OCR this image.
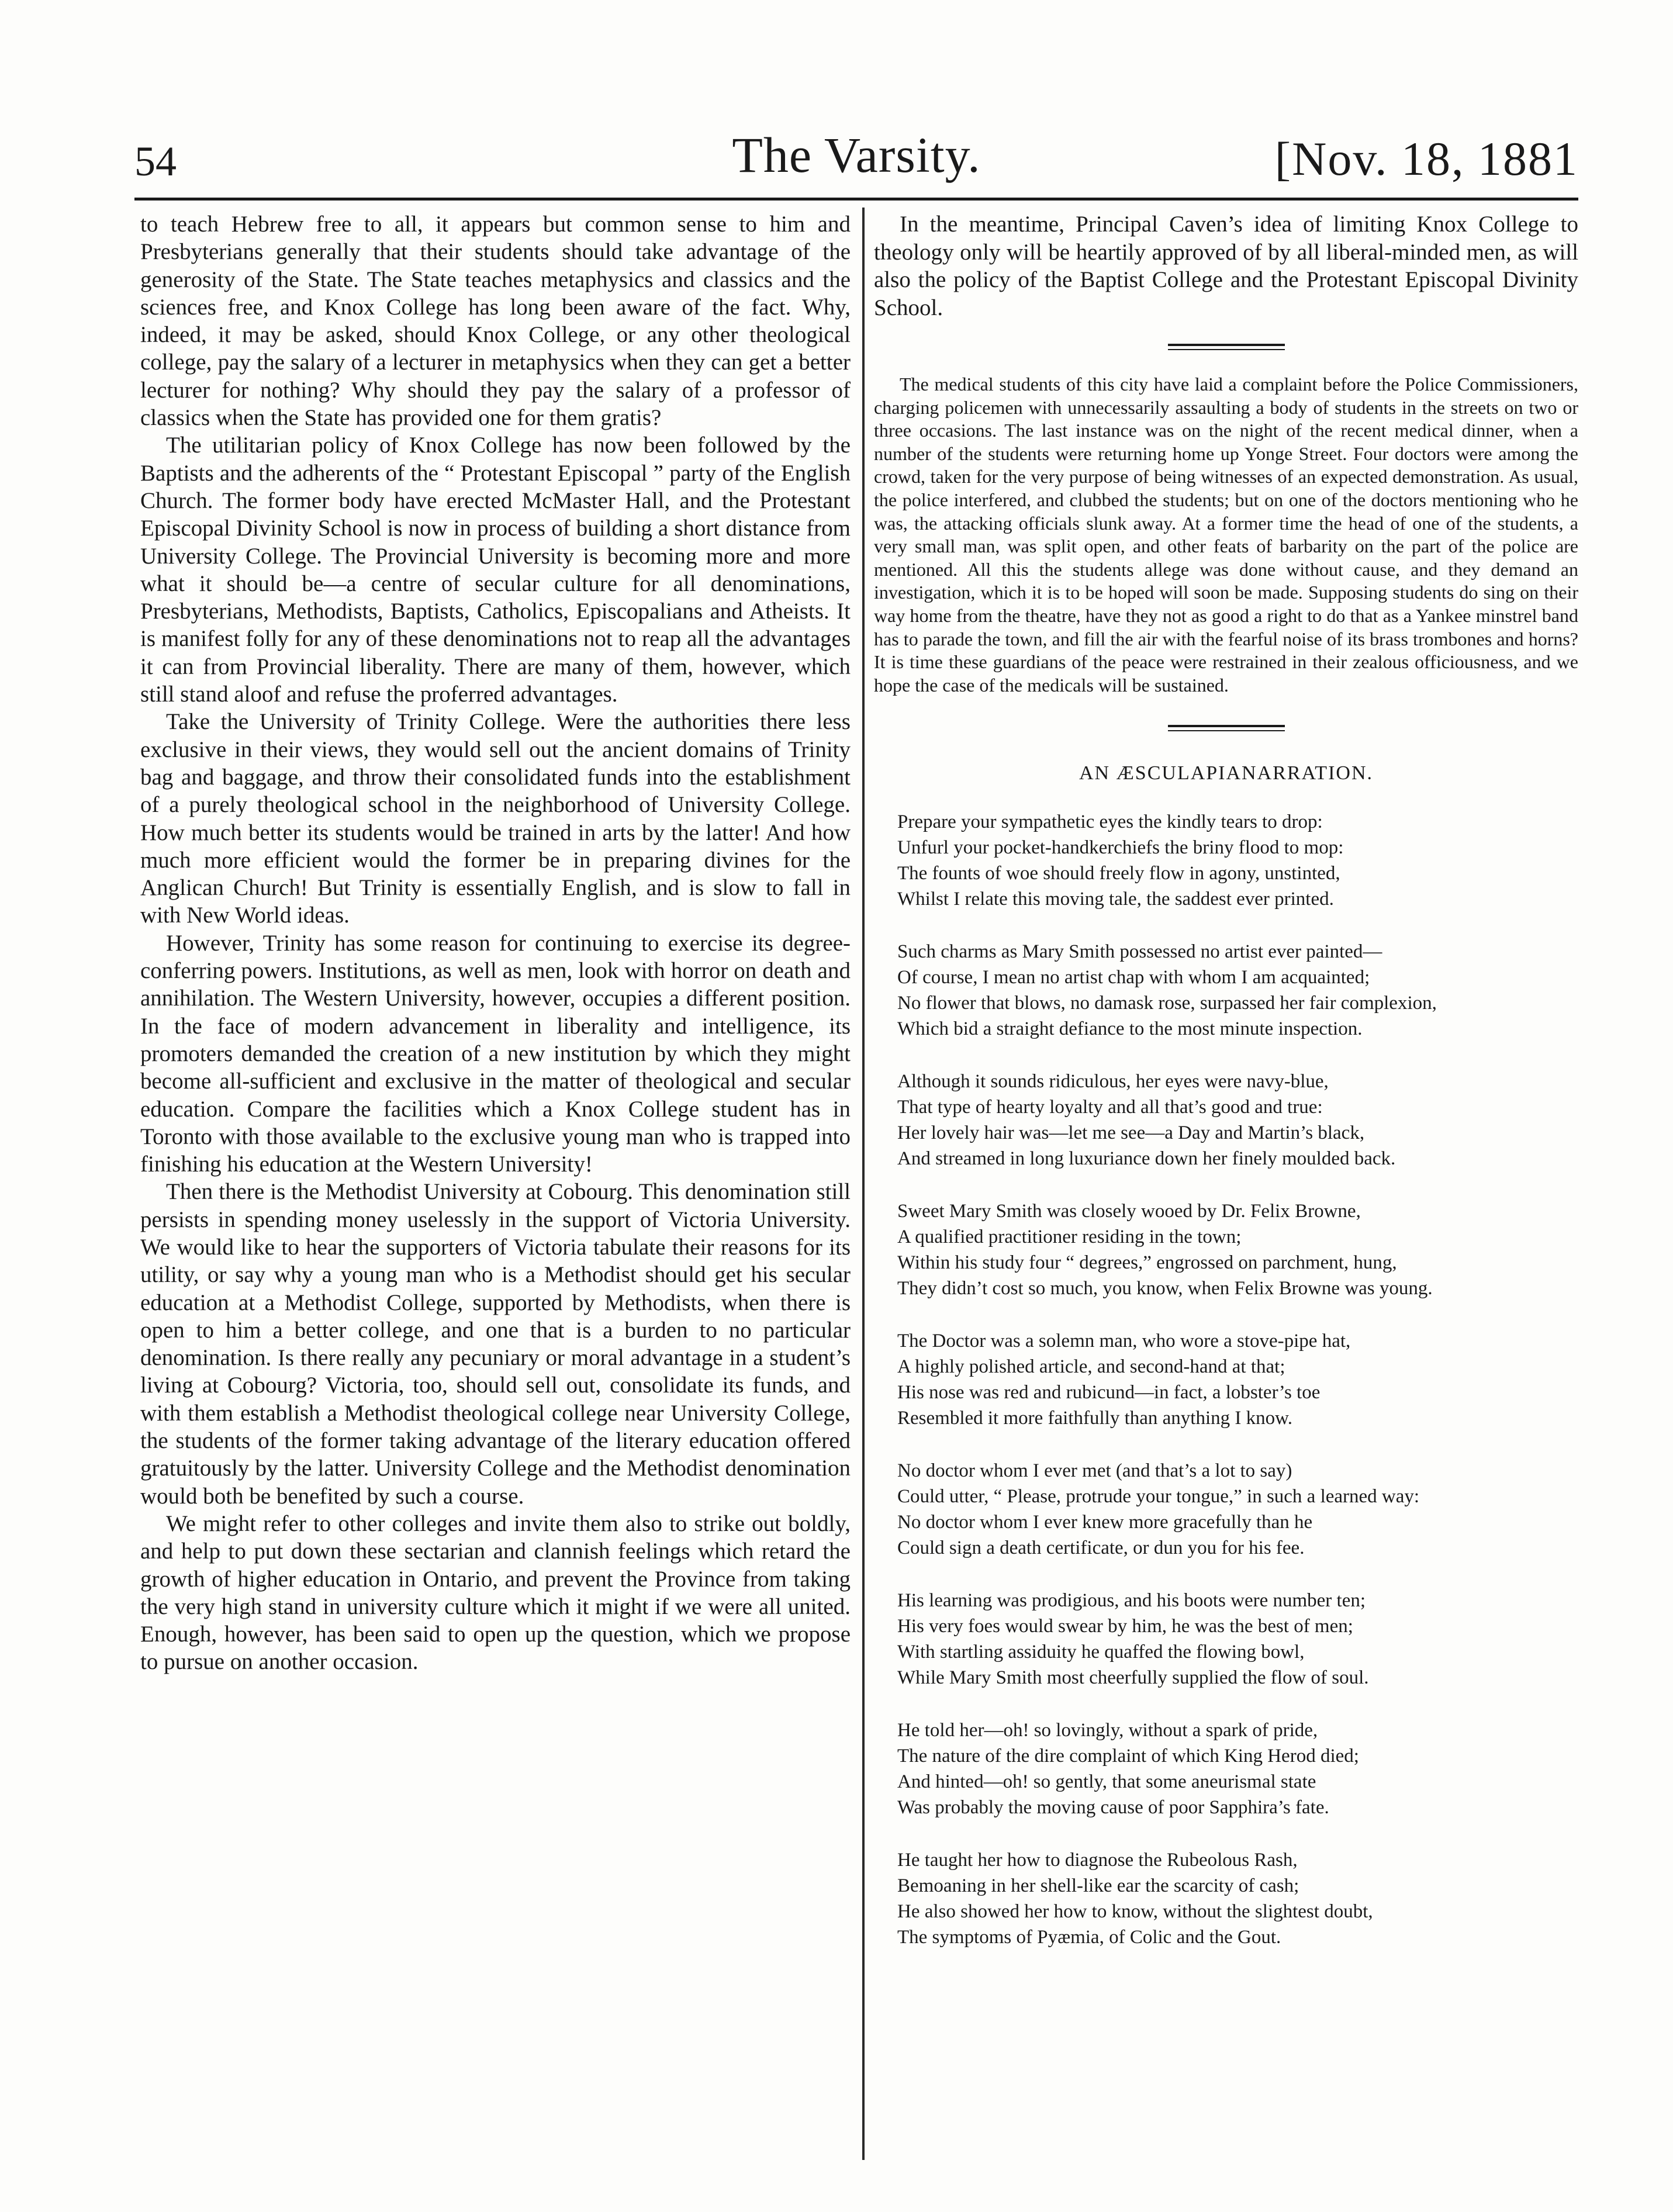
54	The Varsity.	[Nov. 18, 1881

to teach Hebrew free to all, it appears but common sense to him and Presbyterians generally that their students should take advantage of the generosity of the State. The State teaches metaphysics and classics and the sciences free, and Knox College has long been aware of the fact. Why, indeed, it may be asked, should Knox College, or any other theological college, pay the salary of a lecturer in metaphysics when they can get a better lecturer for nothing? Why should they pay the salary of a professor of classics when the State has provided one for them gratis?

The utilitarian policy of Knox College has now been followed by the Baptists and the adherents of the “ Protestant Episcopal ” party of the English Church. The former body have erected McMaster Hall, and the Protestant Episcopal Divinity School is now in process of building a short distance from University College. The Provincial University is becoming more and more what it should be—a centre of secular culture for all denominations, Presbyterians, Methodists, Baptists, Catholics, Episcopalians and Atheists. It is manifest folly for any of these denominations not to reap all the advantages it can from Provincial liberality. There are many of them, however, which still stand aloof and refuse the proferred advantages.

Take the University of Trinity College. Were the authorities there less exclusive in their views, they would sell out the ancient domains of Trinity bag and baggage, and throw their consolidated funds into the establishment of a purely theological school in the neighborhood of University College. How much better its students would be trained in arts by the latter! And how much more efficient would the former be in preparing divines for the Anglican Church! But Trinity is essentially English, and is slow to fall in with New World ideas.

However, Trinity has some reason for continuing to exercise its degree-conferring powers. Institutions, as well as men, look with horror on death and annihilation. The Western University, however, occupies a different position. In the face of modern advancement in liberality and intelligence, its promoters demanded the creation of a new institution by which they might become all-sufficient and exclusive in the matter of theological and secular education. Compare the facilities which a Knox College student has in Toronto with those available to the exclusive young man who is trapped into finishing his education at the Western University!

Then there is the Methodist University at Cobourg. This denomination still persists in spending money uselessly in the support of Victoria University. We would like to hear the supporters of Victoria tabulate their reasons for its utility, or say why a young man who is a Methodist should get his secular education at a Methodist College, supported by Methodists, when there is open to him a better college, and one that is a burden to no particular denomination. Is there really any pecuniary or moral advantage in a student’s living at Cobourg? Victoria, too, should sell out, consolidate its funds, and with them establish a Methodist theological college near University College, the students of the former taking advantage of the literary education offered gratuitously by the latter. University College and the Methodist denomination would both be benefited by such a course.

We might refer to other colleges and invite them also to strike out boldly, and help to put down these sectarian and clannish feelings which retard the growth of higher education in Ontario, and prevent the Province from taking the very high stand in university culture which it might if we were all united. Enough, however, has been said to open up the question, which we propose to pursue on another occasion.

In the meantime, Principal Caven’s idea of limiting Knox College to theology only will be heartily approved of by all liberal-minded men, as will also the policy of the Baptist College and the Protestant Episcopal Divinity School.

The medical students of this city have laid a complaint before the Police Commissioners, charging policemen with unnecessarily assaulting a body of students in the streets on two or three occasions. The last instance was on the night of the recent medical dinner, when a number of the students were returning home up Yonge Street. Four doctors were among the crowd, taken for the very purpose of being witnesses of an expected demonstration. As usual, the police interfered, and clubbed the students; but on one of the doctors mentioning who he was, the attacking officials slunk away. At a former time the head of one of the students, a very small man, was split open, and other feats of barbarity on the part of the police are mentioned. All this the students allege was done without cause, and they demand an investigation, which it is to be hoped will soon be made. Supposing students do sing on their way home from the theatre, have they not as good a right to do that as a Yankee minstrel band has to parade the town, and fill the air with the fearful noise of its brass trombones and horns? It is time these guardians of the peace were restrained in their zealous officiousness, and we hope the case of the medicals will be sustained.

AN ÆSCULAPIANARRATION.

Prepare your sympathetic eyes the kindly tears to drop:
Unfurl your pocket-handkerchiefs the briny flood to mop:
The founts of woe should freely flow in agony, unstinted,
Whilst I relate this moving tale, the saddest ever printed.
Such charms as Mary Smith possessed no artist ever painted—
Of course, I mean no artist chap with whom I am acquainted;
No flower that blows, no damask rose, surpassed her fair complexion,
Which bid a straight defiance to the most minute inspection.
Although it sounds ridiculous, her eyes were navy-blue,
That type of hearty loyalty and all that’s good and true:
Her lovely hair was—let me see—a Day and Martin’s black,
And streamed in long luxuriance down her finely moulded back.
Sweet Mary Smith was closely wooed by Dr. Felix Browne,
A qualified practitioner residing in the town;
Within his study four “ degrees,” engrossed on parchment, hung,
They didn’t cost so much, you know, when Felix Browne was young.
The Doctor was a solemn man, who wore a stove-pipe hat,
A highly polished article, and second-hand at that;
His nose was red and rubicund—in fact, a lobster’s toe
Resembled it more faithfully than anything I know.
No doctor whom I ever met (and that’s a lot to say)
Could utter, “ Please, protrude your tongue,” in such a learned way:
No doctor whom I ever knew more gracefully than he
Could sign a death certificate, or dun you for his fee.
His learning was prodigious, and his boots were number ten;
His very foes would swear by him, he was the best of men;
With startling assiduity he quaffed the flowing bowl,
While Mary Smith most cheerfully supplied the flow of soul.
He told her—oh! so lovingly, without a spark of pride,
The nature of the dire complaint of which King Herod died;
And hinted—oh! so gently, that some aneurismal state
Was probably the moving cause of poor Sapphira’s fate.
He taught her how to diagnose the Rubeolous Rash,
Bemoaning in her shell-like ear the scarcity of cash;
He also showed her how to know, without the slightest doubt,
The symptoms of Pyæmia, of Colic and the Gout.
